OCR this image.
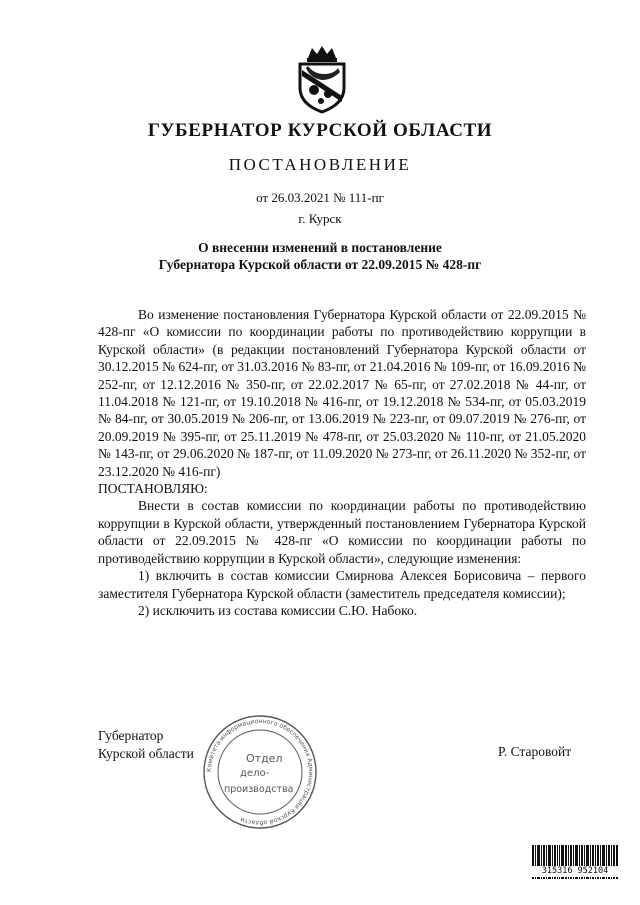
ГУБЕРНАТОР КУРСКОЙ ОБЛАСТИ
ПОСТАНОВЛЕНИЕ
от 26.03.2021 № 111-пг
г. Курск
О внесении изменений в постановление
Губернатора Курской области от 22.09.2015 № 428-пг

Во изменение постановления Губернатора Курской области от 22.09.2015 № 428-пг «О комиссии по координации работы по противодействию коррупции в Курской области» (в редакции постановлений Губернатора Курской области от 30.12.2015 № 624-пг, от 31.03.2016 № 83-пг, от 21.04.2016 № 109-пг, от 16.09.2016 № 252-пг, от 12.12.2016 № 350-пг, от 22.02.2017 № 65-пг, от 27.02.2018 № 44-пг, от 11.04.2018 № 121-пг, от 19.10.2018 № 416-пг, от 19.12.2018 № 534-пг, от 05.03.2019 № 84-пг, от 30.05.2019 № 206-пг, от 13.06.2019 № 223-пг, от 09.07.2019 № 276-пг, от 20.09.2019 № 395-пг, от 25.11.2019 № 478-пг, от 25.03.2020 № 110-пг, от 21.05.2020 № 143-пг, от 29.06.2020 № 187-пг, от 11.09.2020 № 273-пг, от 26.11.2020 № 352-пг, от 23.12.2020 № 416-пг)

ПОСТАНОВЛЯЮ:

Внести в состав комиссии по координации работы по противодействию коррупции в Курской области, утвержденный постановлением Губернатора Курской области от 22.09.2015 № 428-пг «О комиссии по координации работы по противодействию коррупции в Курской области», следующие изменения:

1) включить в состав комиссии Смирнова Алексея Борисовича – первого заместителя Губернатора Курской области (заместитель председателя комиссии);

2) исключить из состава комиссии С.Ю. Набоко.

Губернатор
Курской области	Р. Старовойт
Комитета информационного обеспечения Администрации Курской области
Отдел
дело-
производства
315316 952104
